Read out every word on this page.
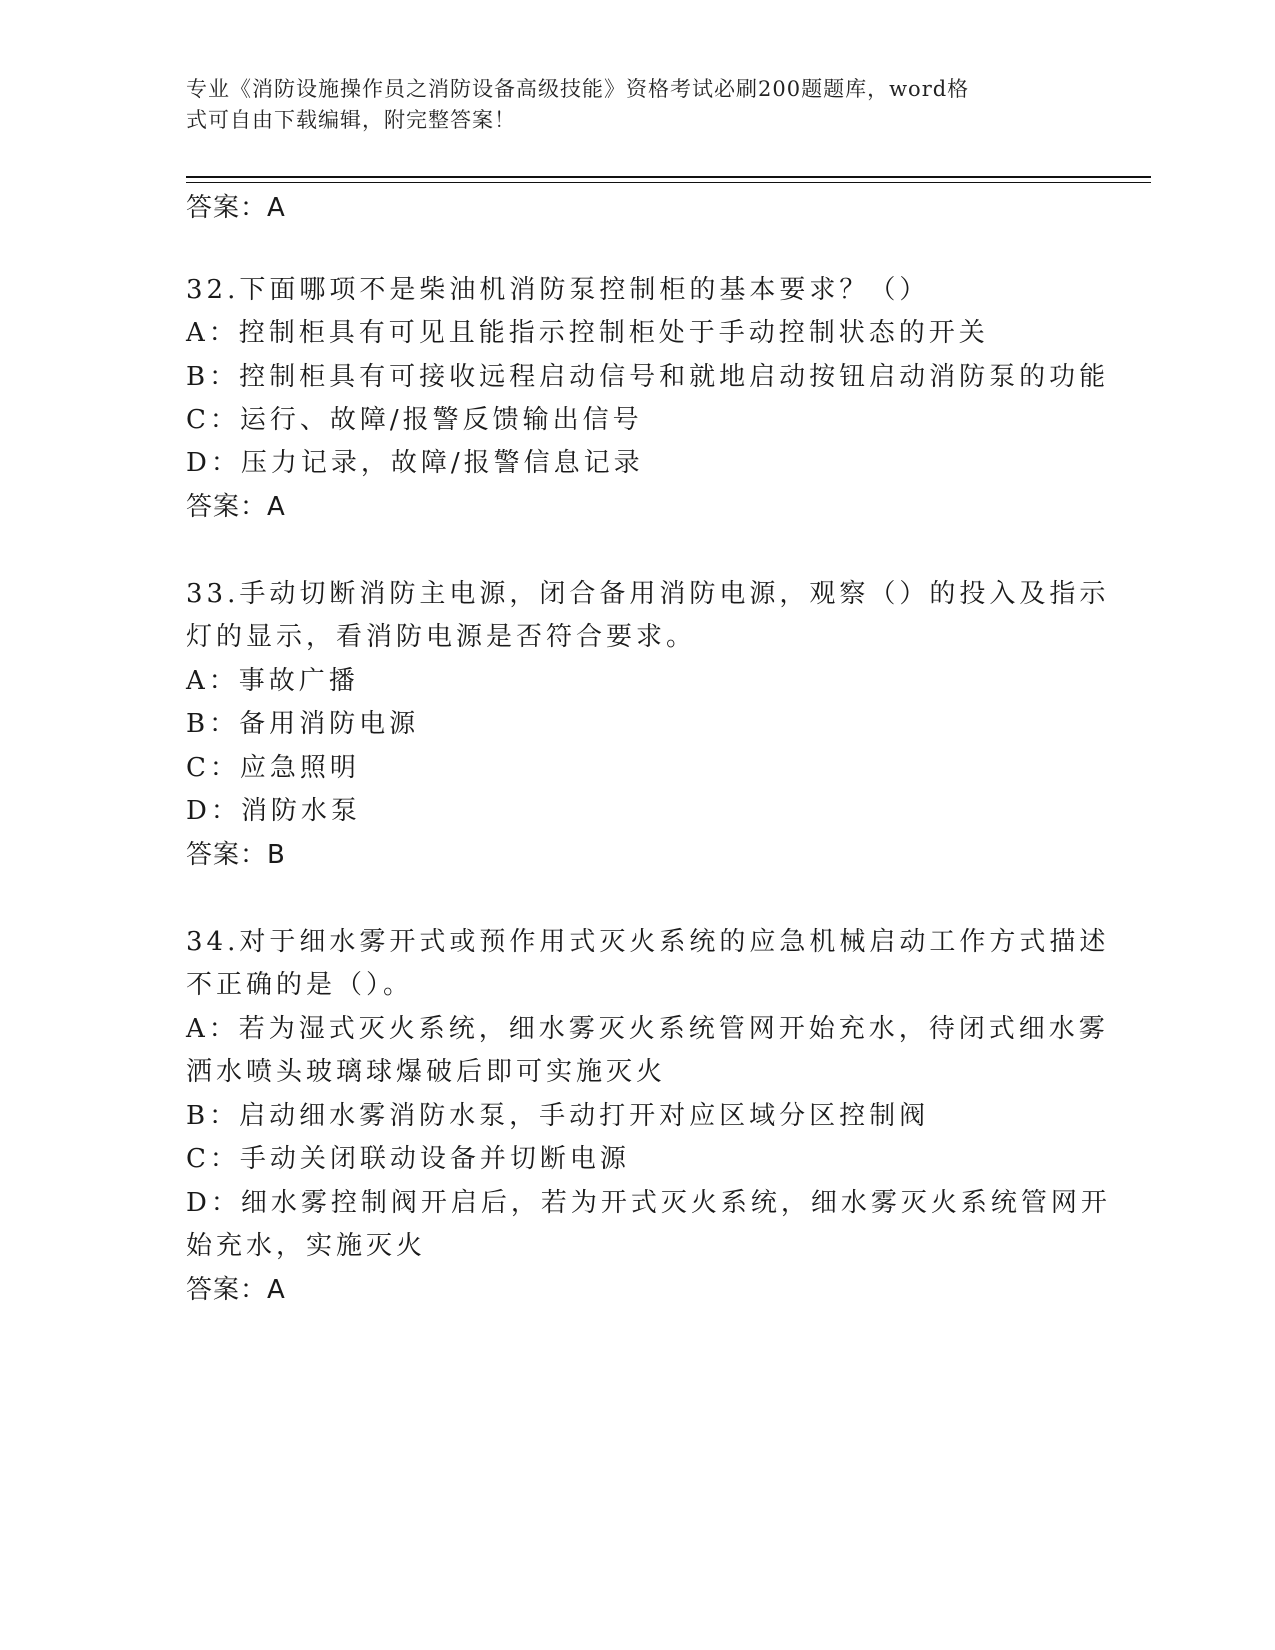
专业《消防设施操作员之消防设备高级技能》资格考试必刷200题题库，word格
式可自由下载编辑，附完整答案！
答案：A
32.下面哪项不是柴油机消防泵控制柜的基本要求？（）
A：控制柜具有可见且能指示控制柜处于手动控制状态的开关
B：控制柜具有可接收远程启动信号和就地启动按钮启动消防泵的功能
C：运行、故障/报警反馈输出信号
D：压力记录，故障/报警信息记录
答案：A
33.手动切断消防主电源，闭合备用消防电源，观察（）的投入及指示
灯的显示，看消防电源是否符合要求。
A：事故广播
B：备用消防电源
C：应急照明
D：消防水泵
答案：B
34.对于细水雾开式或预作用式灭火系统的应急机械启动工作方式描述
不正确的是（）。
A：若为湿式灭火系统，细水雾灭火系统管网开始充水，待闭式细水雾
洒水喷头玻璃球爆破后即可实施灭火
B：启动细水雾消防水泵，手动打开对应区域分区控制阀
C：手动关闭联动设备并切断电源
D：细水雾控制阀开启后，若为开式灭火系统，细水雾灭火系统管网开
始充水，实施灭火
答案：A
